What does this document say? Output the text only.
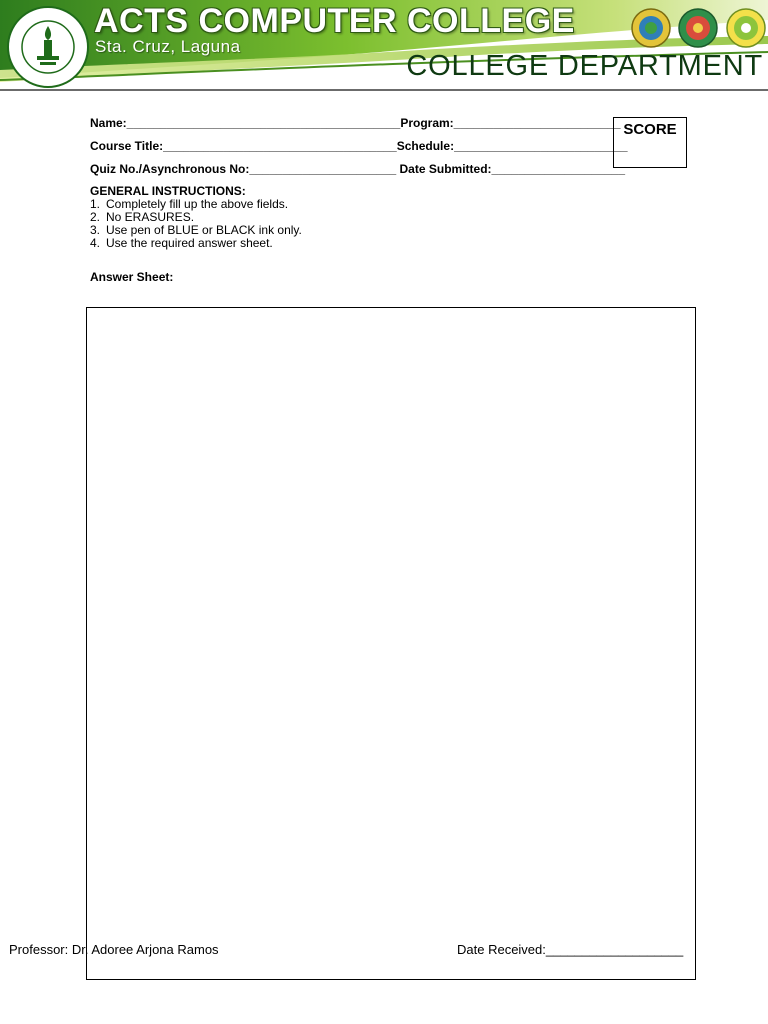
ACTS COMPUTER COLLEGE
Sta. Cruz, Laguna
COLLEGE DEPARTMENT
Name:_________________________________________Program:_________________________
Course Title:___________________________________Schedule:__________________________
Quiz No./Asynchronous No:______________________ Date Submitted:____________________
GENERAL INSTRUCTIONS:
1. Completely fill up the above fields.
2. No ERASURES.
3. Use pen of BLUE or BLACK ink only.
4. Use the required answer sheet.
Answer Sheet:
SCORE
Professor: Dr. Adoree Arjona Ramos	Date Received:___________________
